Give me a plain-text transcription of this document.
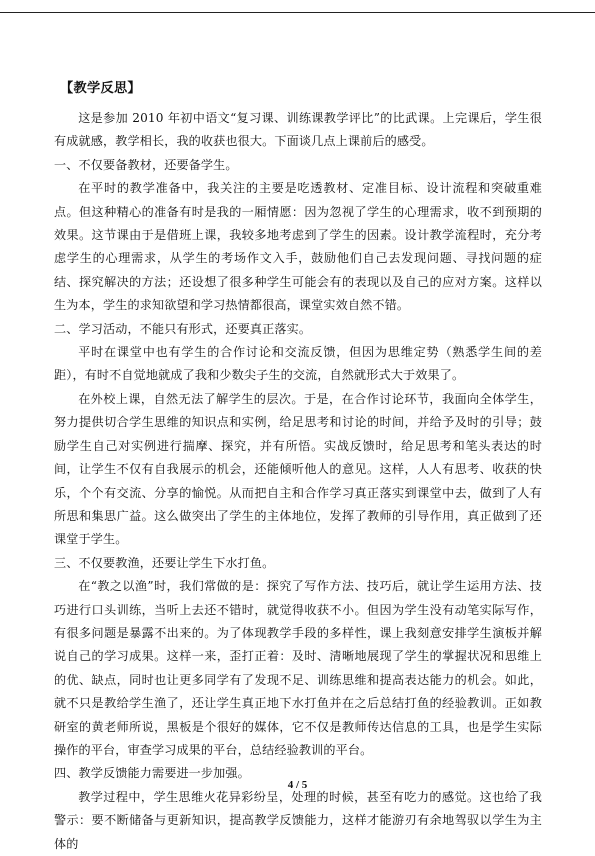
【教学反思】

这是参加 2010 年初中语文“复习课、训练课教学评比”的比武课。上完课后，学生很有成就感，教学相长，我的收获也很大。下面谈几点上课前后的感受。

一、不仅要备教材，还要备学生。

在平时的教学准备中，我关注的主要是吃透教材、定准目标、设计流程和突破重难点。但这种精心的准备有时是我的一厢情愿：因为忽视了学生的心理需求，收不到预期的效果。这节课由于是借班上课，我较多地考虑到了学生的因素。设计教学流程时，充分考虑学生的心理需求，从学生的考场作文入手，鼓励他们自己去发现问题、寻找问题的症结、探究解决的方法；还设想了很多种学生可能会有的表现以及自己的应对方案。这样以生为本，学生的求知欲望和学习热情都很高，课堂实效自然不错。

二、学习活动，不能只有形式，还要真正落实。

平时在课堂中也有学生的合作讨论和交流反馈，但因为思维定势（熟悉学生间的差距），有时不自觉地就成了我和少数尖子生的交流，自然就形式大于效果了。

在外校上课，自然无法了解学生的层次。于是，在合作讨论环节，我面向全体学生，努力提供切合学生思维的知识点和实例，给足思考和讨论的时间，并给予及时的引导；鼓励学生自己对实例进行揣摩、探究，并有所悟。实战反馈时，给足思考和笔头表达的时间，让学生不仅有自我展示的机会，还能倾听他人的意见。这样，人人有思考、收获的快乐，个个有交流、分享的愉悦。从而把自主和合作学习真正落实到课堂中去，做到了人有所思和集思广益。这么做突出了学生的主体地位，发挥了教师的引导作用，真正做到了还课堂于学生。

三、不仅要教渔，还要让学生下水打鱼。

在“教之以渔”时，我们常做的是：探究了写作方法、技巧后，就让学生运用方法、技巧进行口头训练，当听上去还不错时，就觉得收获不小。但因为学生没有动笔实际写作，有很多问题是暴露不出来的。为了体现教学手段的多样性，课上我刻意安排学生演板并解说自己的学习成果。这样一来，歪打正着：及时、清晰地展现了学生的掌握状况和思维上的优、缺点，同时也让更多同学有了发现不足、训练思维和提高表达能力的机会。如此，就不只是教给学生渔了，还让学生真正地下水打鱼并在之后总结打鱼的经验教训。正如教研室的黄老师所说，黑板是个很好的媒体，它不仅是教师传达信息的工具，也是学生实际操作的平台，审查学习成果的平台，总结经验教训的平台。

四、教学反馈能力需要进一步加强。

教学过程中，学生思维火花异彩纷呈，处理的时候，甚至有吃力的感觉。这也给了我警示：要不断储备与更新知识，提高教学反馈能力，这样才能游刃有余地驾驭以学生为主体的

4 / 5
